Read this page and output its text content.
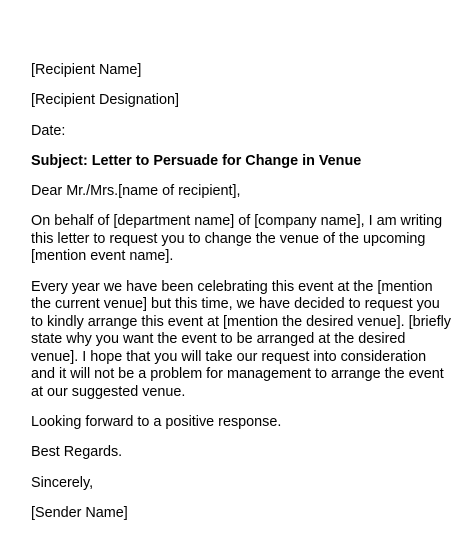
[Recipient Name]

[Recipient Designation]

Date:

Subject: Letter to Persuade for Change in Venue

Dear Mr./Mrs.[name of recipient],

On behalf of [department name] of [company name], I am writing

this letter to request you to change the venue of the upcoming

[mention event name].

Every year we have been celebrating this event at the [mention

the current venue] but this time, we have decided to request you

to kindly arrange this event at [mention the desired venue]. [briefly

state why you want the event to be arranged at the desired

venue]. I hope that you will take our request into consideration

and it will not be a problem for management to arrange the event

at our suggested venue.

Looking forward to a positive response.

Best Regards.

Sincerely,

[Sender Name]
